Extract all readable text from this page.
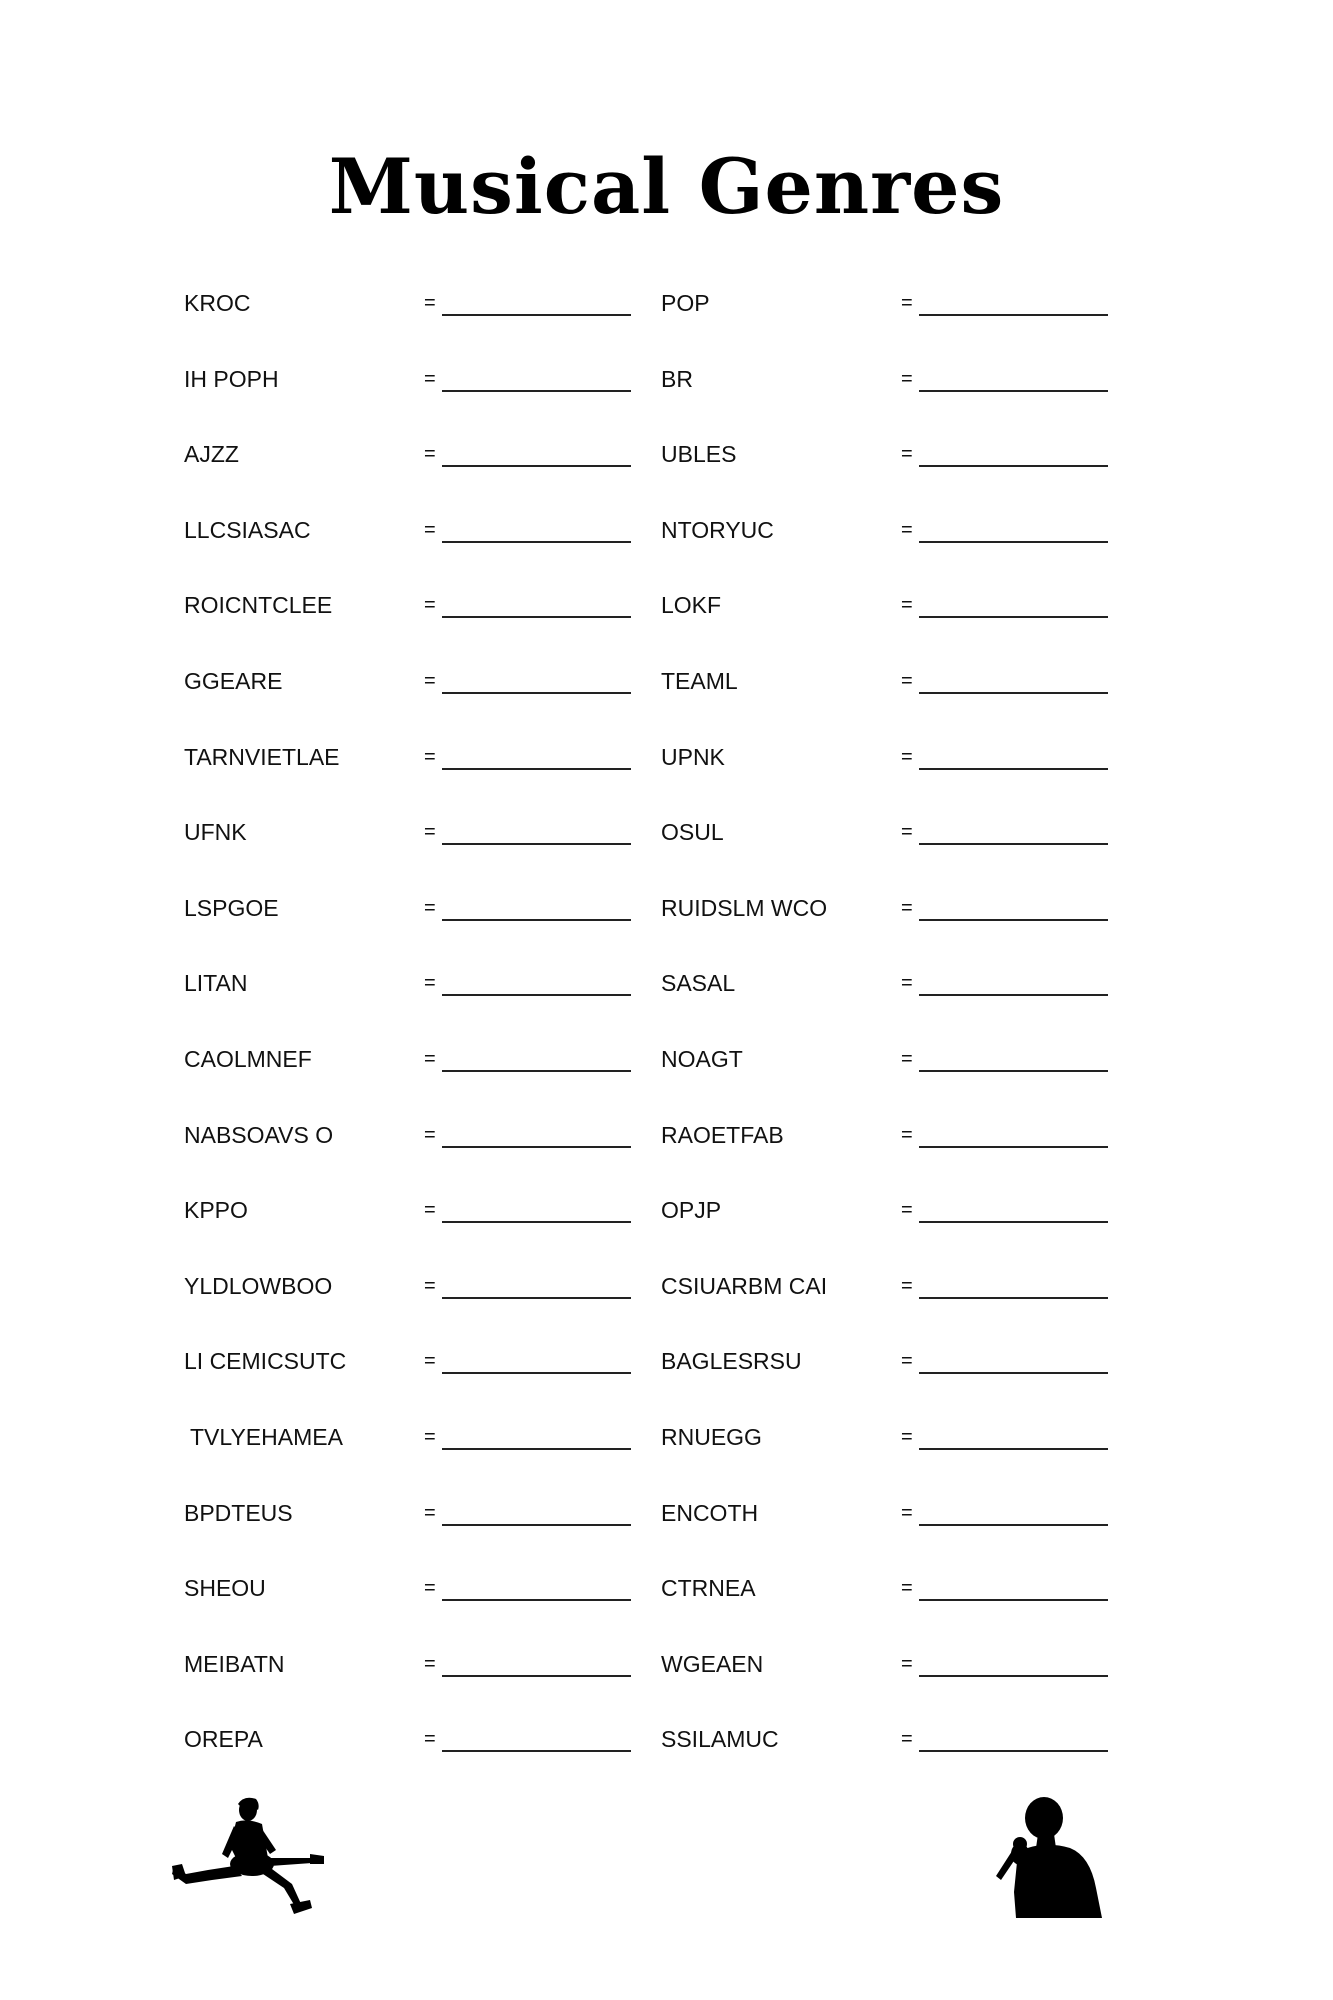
Musical Genres
KROC	=
IH POPH	=
AJZZ	=
LLCSIASAC	=
ROICNTCLEE	=
GGEARE	=
TARNVIETLAE	=
UFNK	=
LSPGOE	=
LITAN	=
CAOLMNEF	=
NABSOAVS O	=
KPPO	=
YLDLOWBOO	=
LI CEMICSUTC	=
TVLYEHAMEA	=
BPDTEUS	=
SHEOU	=
MEIBATN	=
OREPA	=
POP	=
BR	=
UBLES	=
NTORYUC	=
LOKF	=
TEAML	=
UPNK	=
OSUL	=
RUIDSLM WCO	=
SASAL	=
NOAGT	=
RAOETFAB	=
OPJP	=
CSIUARBM CAI	=
BAGLESRSU	=
RNUEGG	=
ENCOTH	=
CTRNEA	=
WGEAEN	=
SSILAMUC	=
